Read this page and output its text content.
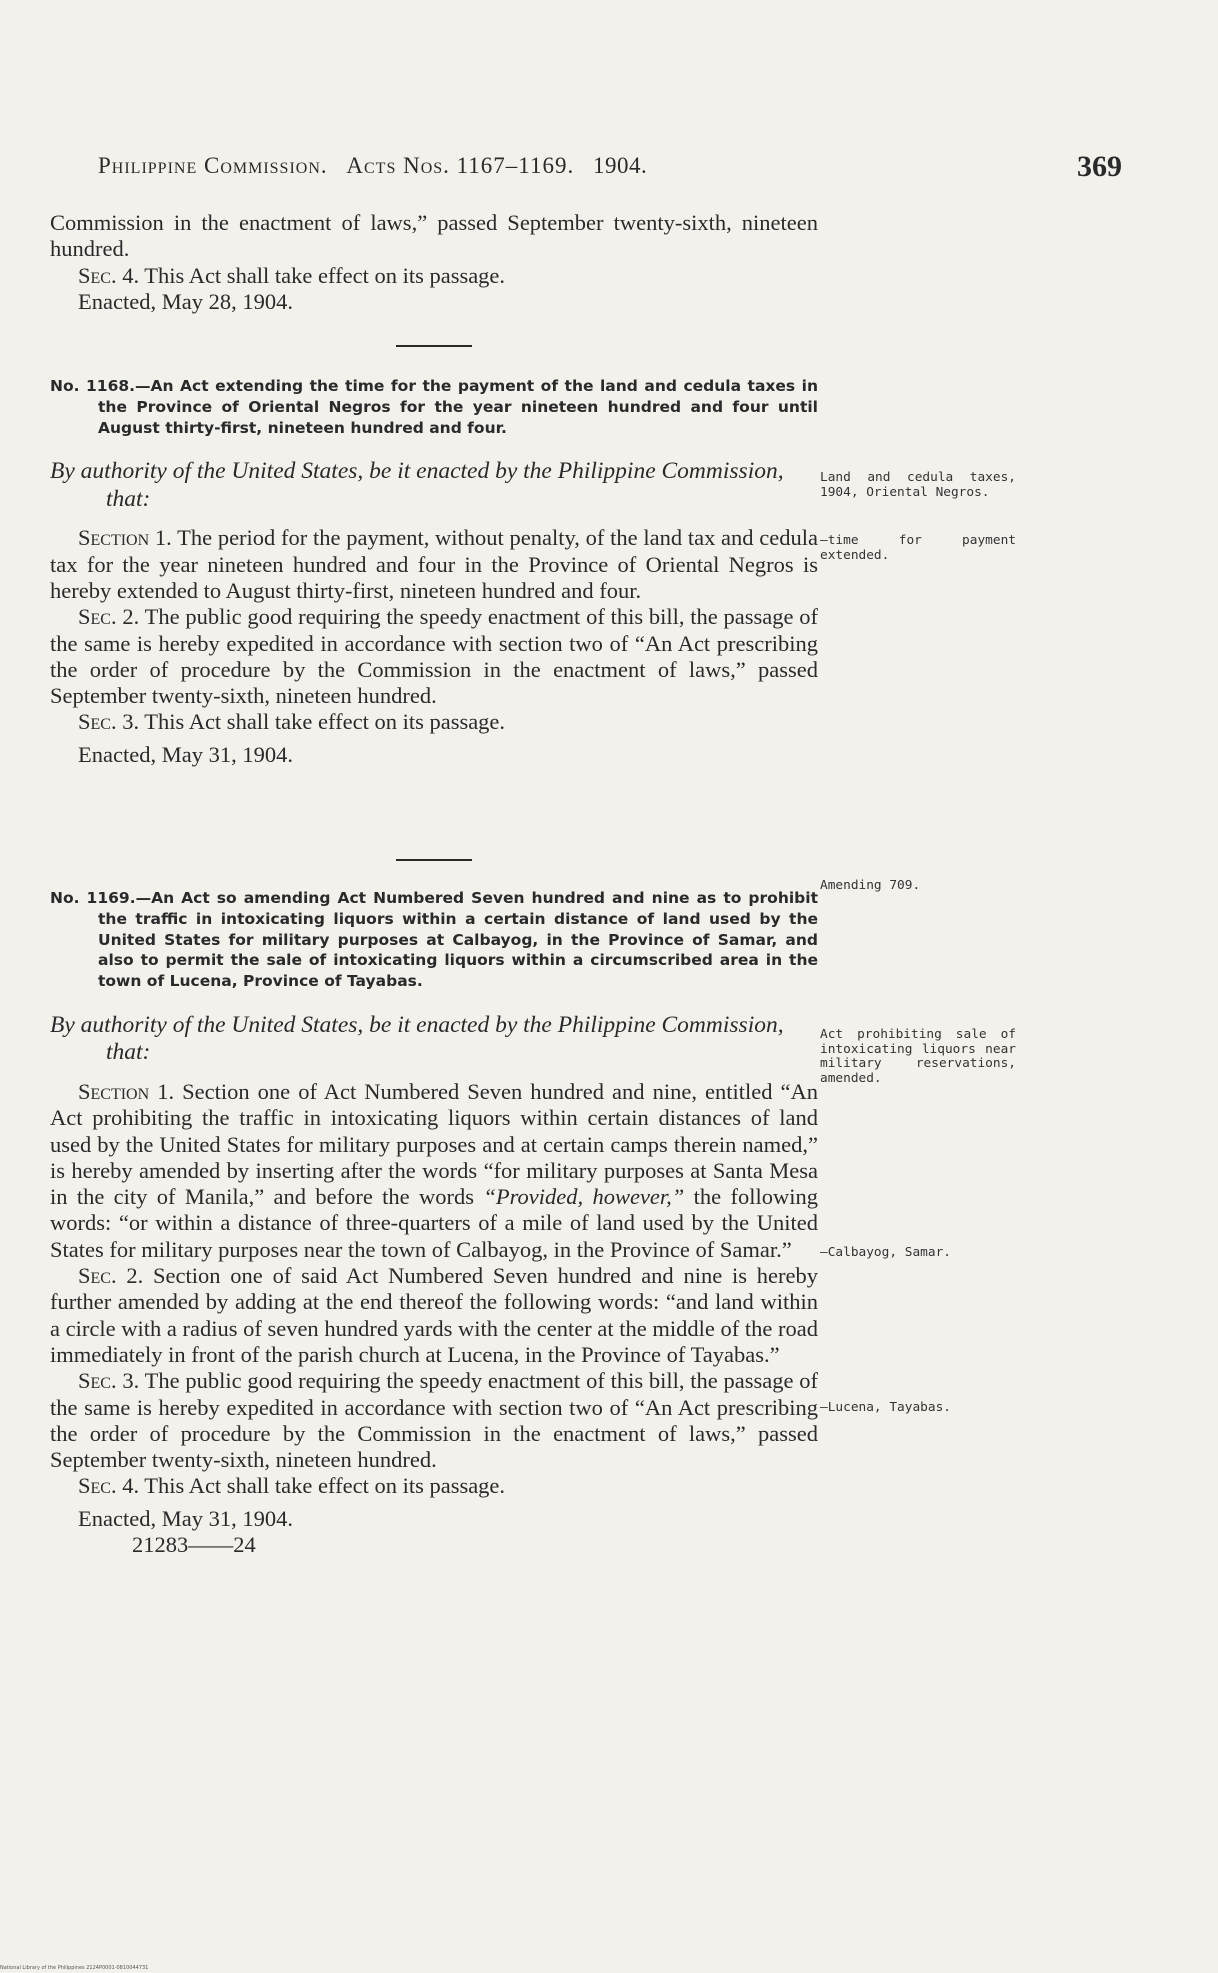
Philippine Commission. Acts Nos. 1167–1169. 1904.	369

Commission in the enactment of laws,” passed September twenty-sixth, nineteen hundred.

Sec. 4. This Act shall take effect on its passage.

Enacted, May 28, 1904.

No. 1168.—An Act extending the time for the payment of the land and cedula taxes in the Province of Oriental Negros for the year nineteen hundred and four until August thirty-first, nineteen hundred and four.

By authority of the United States, be it enacted by the Philippine Commission, that:

Section 1. The period for the payment, without penalty, of the land tax and cedula tax for the year nineteen hundred and four in the Province of Oriental Negros is hereby extended to August thirty-first, nineteen hundred and four.

Sec. 2. The public good requiring the speedy enactment of this bill, the passage of the same is hereby expedited in accordance with section two of “An Act prescribing the order of procedure by the Commission in the enactment of laws,” passed September twenty-sixth, nineteen hundred.

Sec. 3. This Act shall take effect on its passage.

Enacted, May 31, 1904.

Land and cedula taxes, 1904, Oriental Negros.
—time for payment extended.
No. 1169.—An Act so amending Act Numbered Seven hundred and nine as to prohibit the traffic in intoxicating liquors within a certain distance of land used by the United States for military purposes at Calbayog, in the Province of Samar, and also to permit the sale of intoxicating liquors within a circumscribed area in the town of Lucena, Province of Tayabas.

By authority of the United States, be it enacted by the Philippine Commission, that:

Section 1. Section one of Act Numbered Seven hundred and nine, entitled “An Act prohibiting the traffic in intoxicating liquors within certain distances of land used by the United States for military purposes and at certain camps therein named,” is hereby amended by inserting after the words “for military purposes at Santa Mesa in the city of Manila,” and before the words “Provided, however,” the following words: “or within a distance of three-quarters of a mile of land used by the United States for military purposes near the town of Calbayog, in the Province of Samar.”

Sec. 2. Section one of said Act Numbered Seven hundred and nine is hereby further amended by adding at the end thereof the following words: “and land within a circle with a radius of seven hundred yards with the center at the middle of the road immediately in front of the parish church at Lucena, in the Province of Tayabas.”

Sec. 3. The public good requiring the speedy enactment of this bill, the passage of the same is hereby expedited in accordance with section two of “An Act prescribing the order of procedure by the Commission in the enactment of laws,” passed September twenty-sixth, nineteen hundred.

Sec. 4. This Act shall take effect on its passage.

Enacted, May 31, 1904.

21283——24

Amending 709.
Act prohibiting sale of intoxicating liquors near military reservations, amended.
—Calbayog, Samar.
—Lucena, Tayabas.
National Library of the Philippines 2124P0001-0810044731
